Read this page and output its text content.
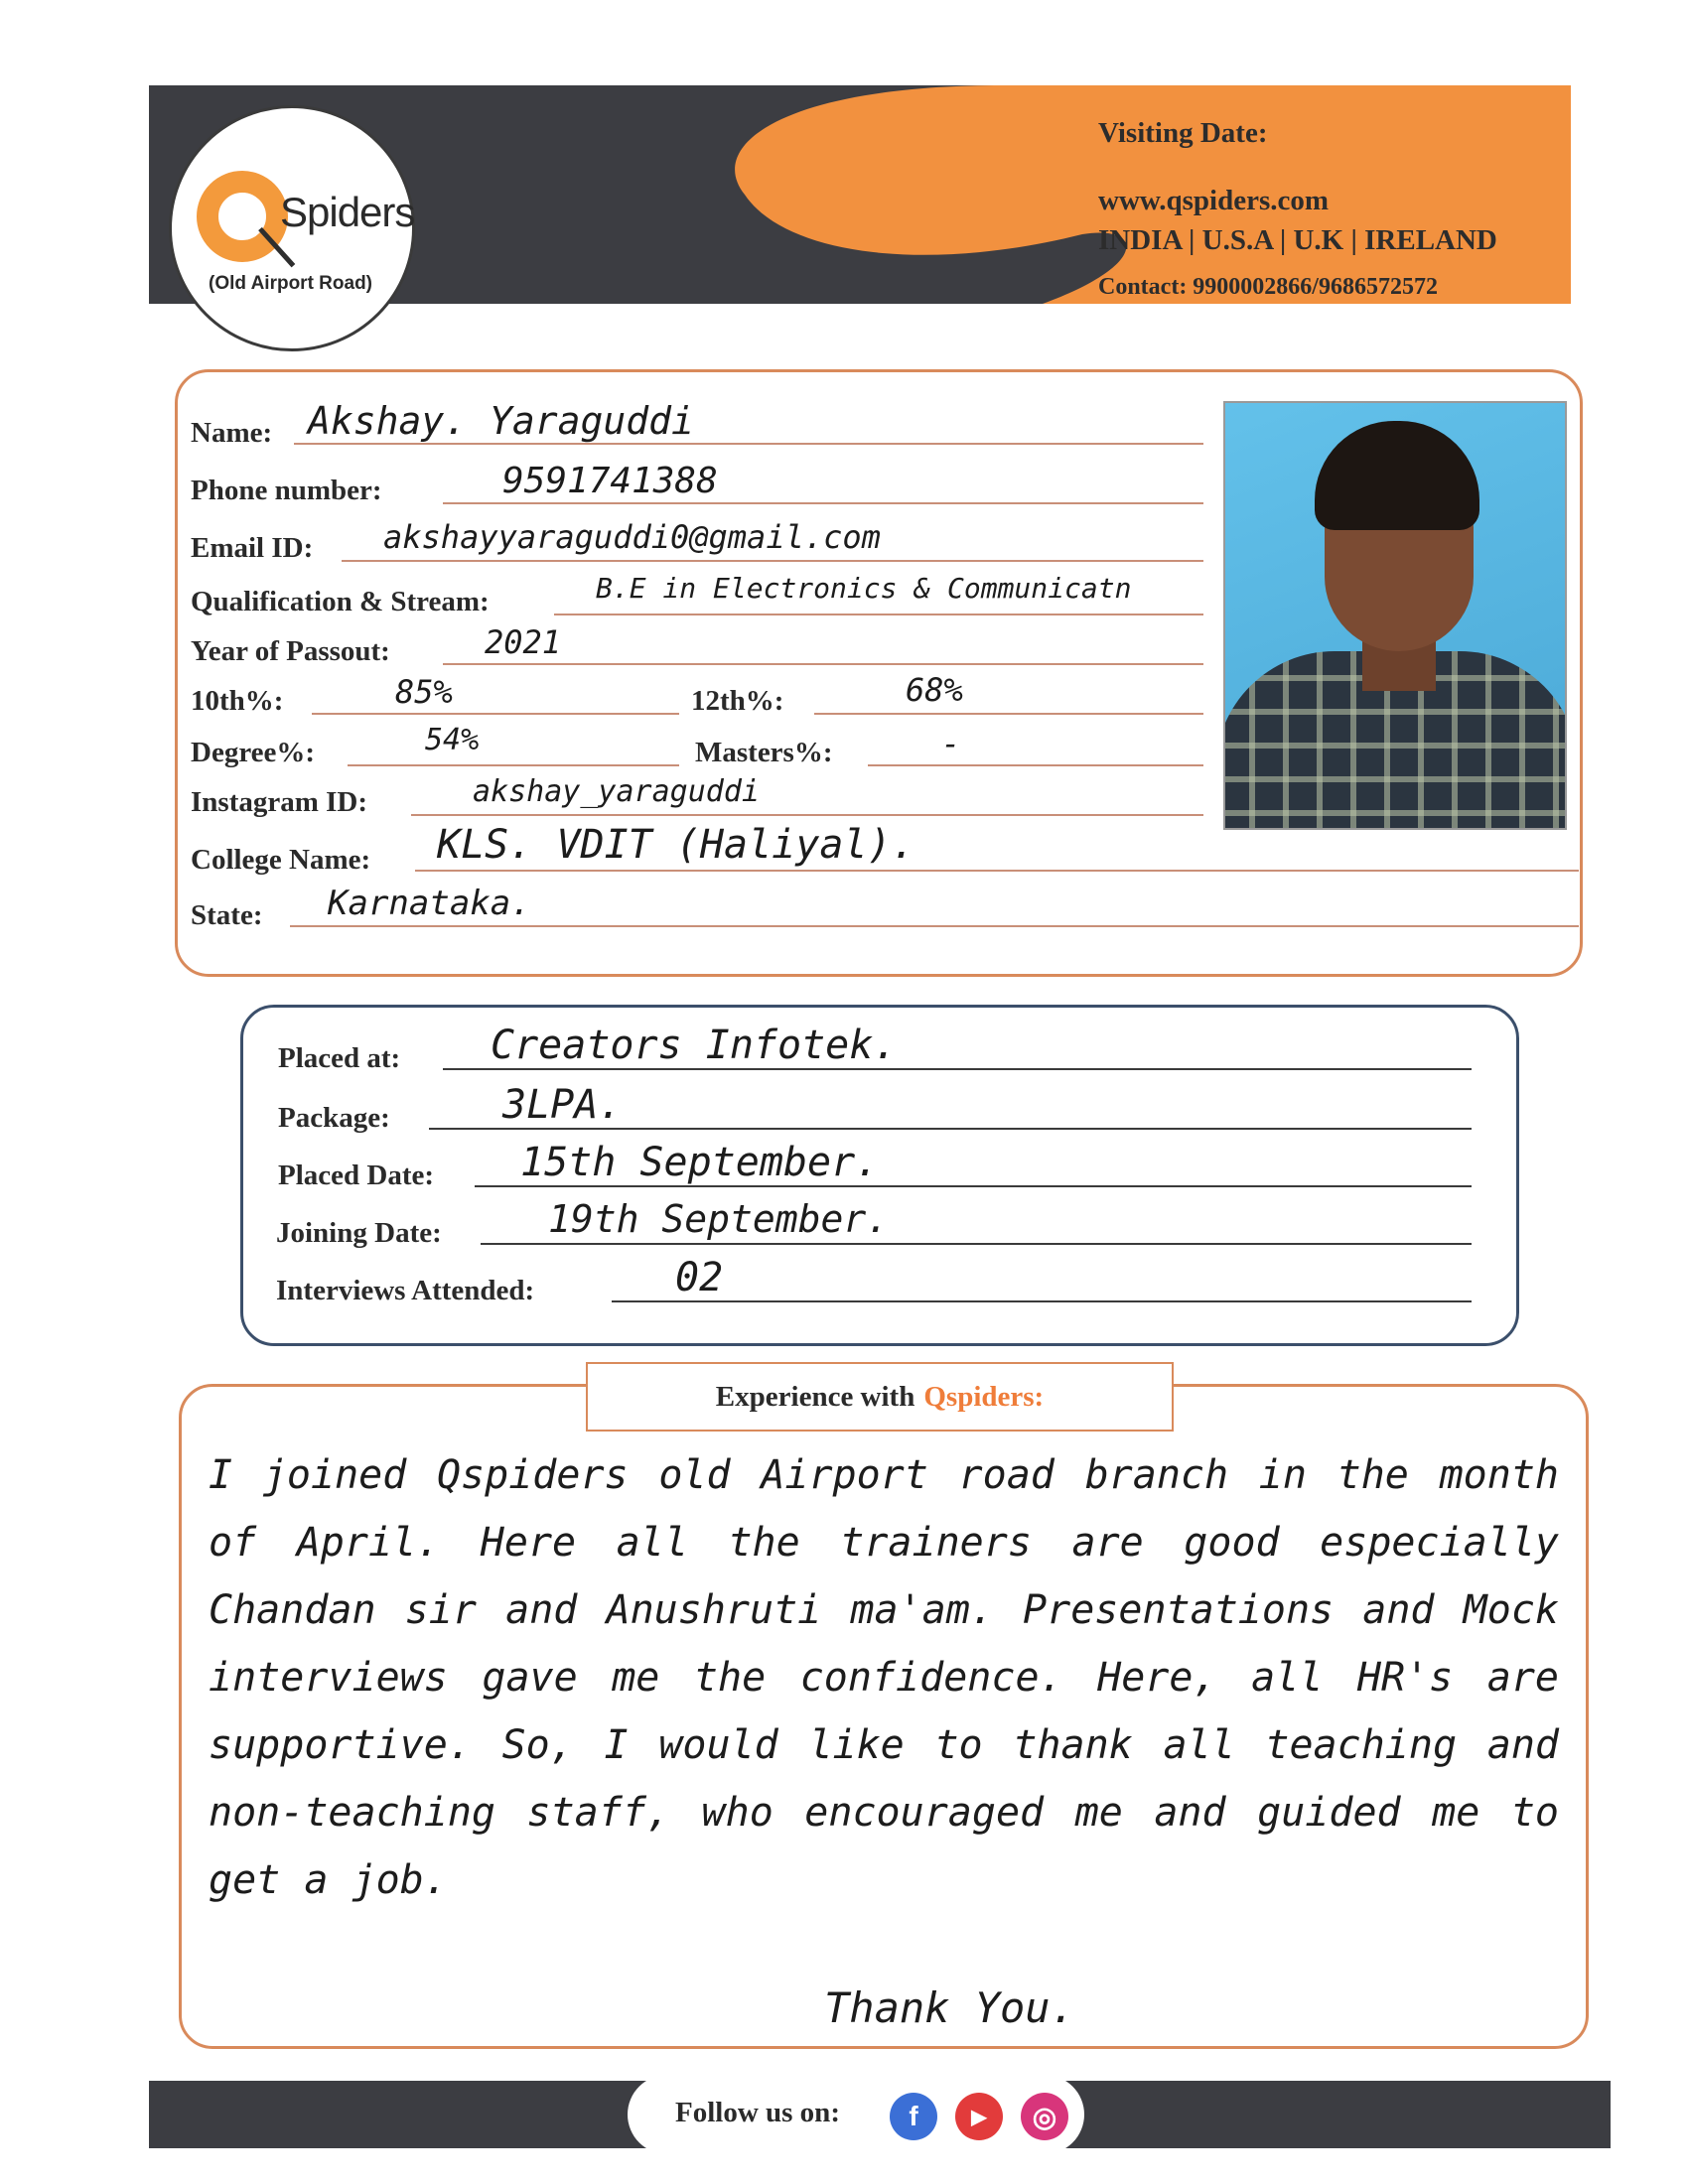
Spiders
(Old Airport Road)
Visiting Date:
www.qspiders.com
INDIA | U.S.A | U.K | IRELAND
Contact: 9900002866/9686572572
Name: Akshay. Yaraguddi
Phone number:	9591741388
Email ID: akshayyaraguddi0@gmail.com
Qualification & Stream:	B.E in Electronics & Communicatn
Year of Passout:	2021
10th%:	85%	12th%:	68%
Degree%:	54%	Masters%:	-
Instagram ID:	akshay_yaraguddi
College Name: KLS. VDIT (Haliyal).
State: Karnataka.
Placed at: Creators Infotek.
Package:	3LPA.
Placed Date: 15th September.
Joining Date:	19th September.
Interviews Attended:	02
Experience with Qspiders:
I joined Qspiders old Airport road branch in the month of April. Here all the trainers are good especially Chandan sir and Anushruti ma'am. Presentations and Mock interviews gave me the confidence. Here, all HR's are supportive. So, I would like to thank all teaching and non-teaching staff, who encouraged me and guided me to get a job.
Thank You.
Follow us on:	f	▶	◎
